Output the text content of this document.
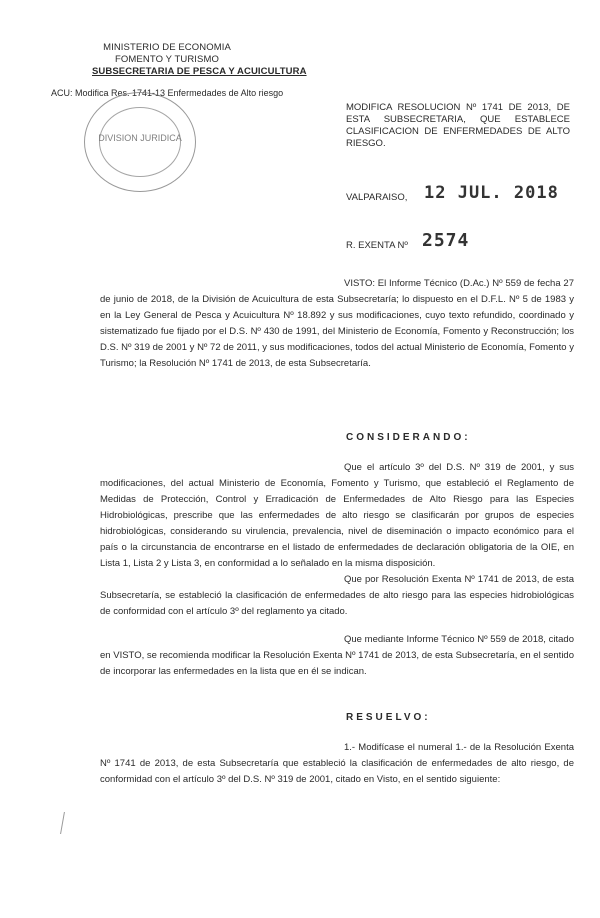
MINISTERIO DE ECONOMIA
FOMENTO Y TURISMO
SUBSECRETARIA DE PESCA Y ACUICULTURA
ACU: Modifica Res. 1741-13 Enfermedades de Alto riesgo
DIVISION JURIDICA
MODIFICA RESOLUCION Nº 1741 DE 2013, DE ESTA SUBSECRETARIA, QUE ESTABLECE CLASIFICACION DE ENFERMEDADES DE ALTO RIESGO.
VALPARAISO, 12 JUL. 2018
R. EXENTA Nº 2574

VISTO: El Informe Técnico (D.Ac.) Nº 559 de fecha 27 de junio de 2018, de la División de Acuicultura de esta Subsecretaría; lo dispuesto en el D.F.L. Nº 5 de 1983 y en la Ley General de Pesca y Acuicultura Nº 18.892 y sus modificaciones, cuyo texto refundido, coordinado y sistematizado fue fijado por el D.S. Nº 430 de 1991, del Ministerio de Economía, Fomento y Reconstrucción; los D.S. Nº 319 de 2001 y Nº 72 de 2011, y sus modificaciones, todos del actual Ministerio de Economía, Fomento y Turismo; la Resolución Nº 1741 de 2013, de esta Subsecretaría.

CONSIDERANDO:

Que el artículo 3º del D.S. Nº 319 de 2001, y sus modificaciones, del actual Ministerio de Economía, Fomento y Turismo, que estableció el Reglamento de Medidas de Protección, Control y Erradicación de Enfermedades de Alto Riesgo para las Especies Hidrobiológicas, prescribe que las enfermedades de alto riesgo se clasificarán por grupos de especies hidrobiológicas, considerando su virulencia, prevalencia, nivel de diseminación o impacto económico para el país o la circunstancia de encontrarse en el listado de enfermedades de declaración obligatoria de la OIE, en Lista 1, Lista 2 y Lista 3, en conformidad a lo señalado en la misma disposición.

Que por Resolución Exenta Nº 1741 de 2013, de esta Subsecretaría, se estableció la clasificación de enfermedades de alto riesgo para las especies hidrobiológicas de conformidad con el artículo 3º del reglamento ya citado.

Que mediante Informe Técnico Nº 559 de 2018, citado en VISTO, se recomienda modificar la Resolución Exenta Nº 1741 de 2013, de esta Subsecretaría, en el sentido de incorporar las enfermedades en la lista que en él se indican.

RESUELVO:

1.- Modifícase el numeral 1.- de la Resolución Exenta Nº 1741 de 2013, de esta Subsecretaría que estableció la clasificación de enfermedades de alto riesgo, de conformidad con el artículo 3º del D.S. Nº 319 de 2001, citado en Visto, en el sentido siguiente:
